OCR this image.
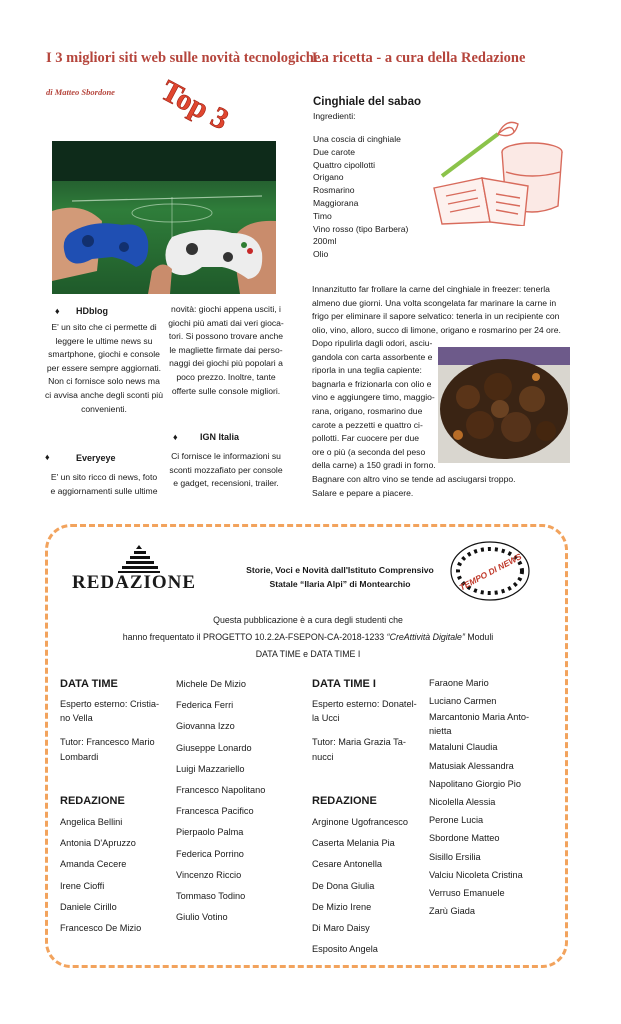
I 3 migliori siti web sulle novità tecnologiche
di Matteo Sbordone Top 3
♦ HDblog
E' un sito che ci permette di
leggere le ultime news su
smartphone, giochi e console
per essere sempre aggiornati.
Non ci fornisce solo news ma
ci avvisa anche degli sconti più
convenienti.
♦	Everyeye
E' un sito ricco di news, foto
e aggiornamenti sulle ultime
novità: giochi appena usciti, i
giochi più amati dai veri gioca-
tori. Si possono trovare anche
le magliette firmate dai perso-
naggi dei giochi più popolari a
poco prezzo. Inoltre, tante
offerte sulle console migliori.
♦ IGN Italia
Ci fornisce le informazioni su
sconti mozzafiato per console
e gadget, recensioni, trailer.
La ricetta - a cura della Redazione
Cinghiale del sabao
Ingredienti:
Una coscia di cinghiale
Due carote
Quattro cipollotti
Origano
Rosmarino
Maggiorana
Timo
Vino rosso (tipo Barbera)
200ml
Olio
Innanzitutto far frollare la carne del cinghiale in freezer: tenerla
almeno due giorni. Una volta scongelata far marinare la carne in
frigo per eliminare il sapore selvatico: tenerla in un recipiente con
olio, vino, alloro, succo di limone, origano e rosmarino per 24 ore.
Dopo ripulirla dagli odori, asciu-
gandola con carta assorbente e
riporla in una teglia capiente:
bagnarla e frizionarla con olio e
vino e aggiungere timo, maggio-
rana, origano, rosmarino due
carote a pezzetti e quattro ci-
pollotti. Far cuocere per due
ore o più (a seconda del peso
della carne) a 150 gradi in forno.
Bagnare con altro vino se tende ad asciugarsi troppo.
Salare e pepare a piacere.
REDAZIONE
Storie, Voci e Novità dall'Istituto Comprensivo
Statale “Ilaria Alpi” di Montearchio	TEMPO DI NEWS
Questa pubblicazione è a cura degli studenti che
hanno frequentato il PROGETTO 10.2.2A-FSEPON-CA-2018-1233 “CreAttività Digitale” Moduli
DATA TIME e DATA TIME I
DATA TIME
Esperto esterno: Cristia-
no Vella
Tutor: Francesco Mario
Lombardi
REDAZIONE
Angelica Bellini
Antonia D'Apruzzo
Amanda Cecere
Irene Cioffi
Daniele Cirillo
Francesco De Mizio
Michele De Mizio
Federica Ferri
Giovanna Izzo
Giuseppe Lonardo
Luigi Mazzariello
Francesco Napolitano
Francesca Pacifico
Pierpaolo Palma
Federica Porrino
Vincenzo Riccio
Tommaso Todino
Giulio Votino
DATA TIME I
Esperto esterno: Donatel-
la Ucci
Tutor: Maria Grazia Ta-
nucci
REDAZIONE
Arginone Ugofrancesco
Caserta Melania Pia
Cesare Antonella
De Dona Giulia
De Mizio Irene
Di Maro Daisy
Esposito Angela
Faraone Mario
Luciano Carmen
Marcantonio Maria Anto-
nietta
Mataluni Claudia
Matusiak Alessandra
Napolitano Giorgio Pio
Nicolella Alessia
Perone Lucia
Sbordone Matteo
Sisillo Ersilia
Valciu Nicoleta Cristina
Verruso Emanuele
Zarù Giada
